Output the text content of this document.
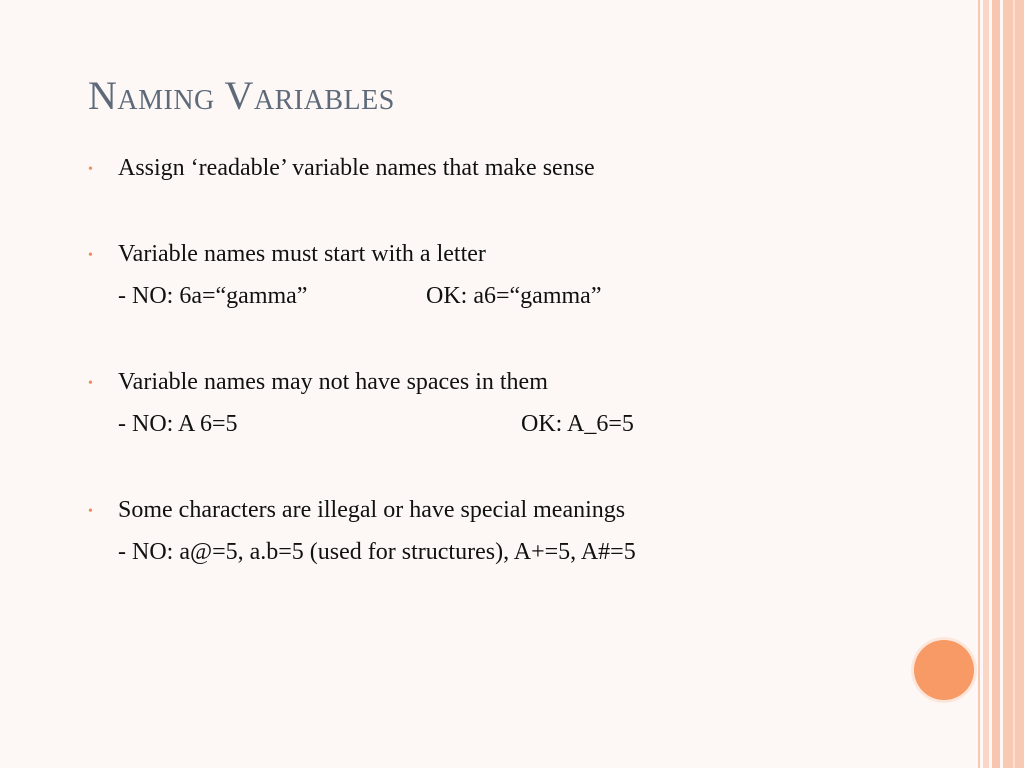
Naming Variables
• Assign ‘readable’ variable names that make sense
• Variable names must start with a letter
- NO: 6a=“gamma”	OK: a6=“gamma”
• Variable names may not have spaces in them
- NO: A 6=5	OK: A_6=5
• Some characters are illegal or have special meanings
- NO: a@=5, a.b=5 (used for structures), A+=5, A#=5
